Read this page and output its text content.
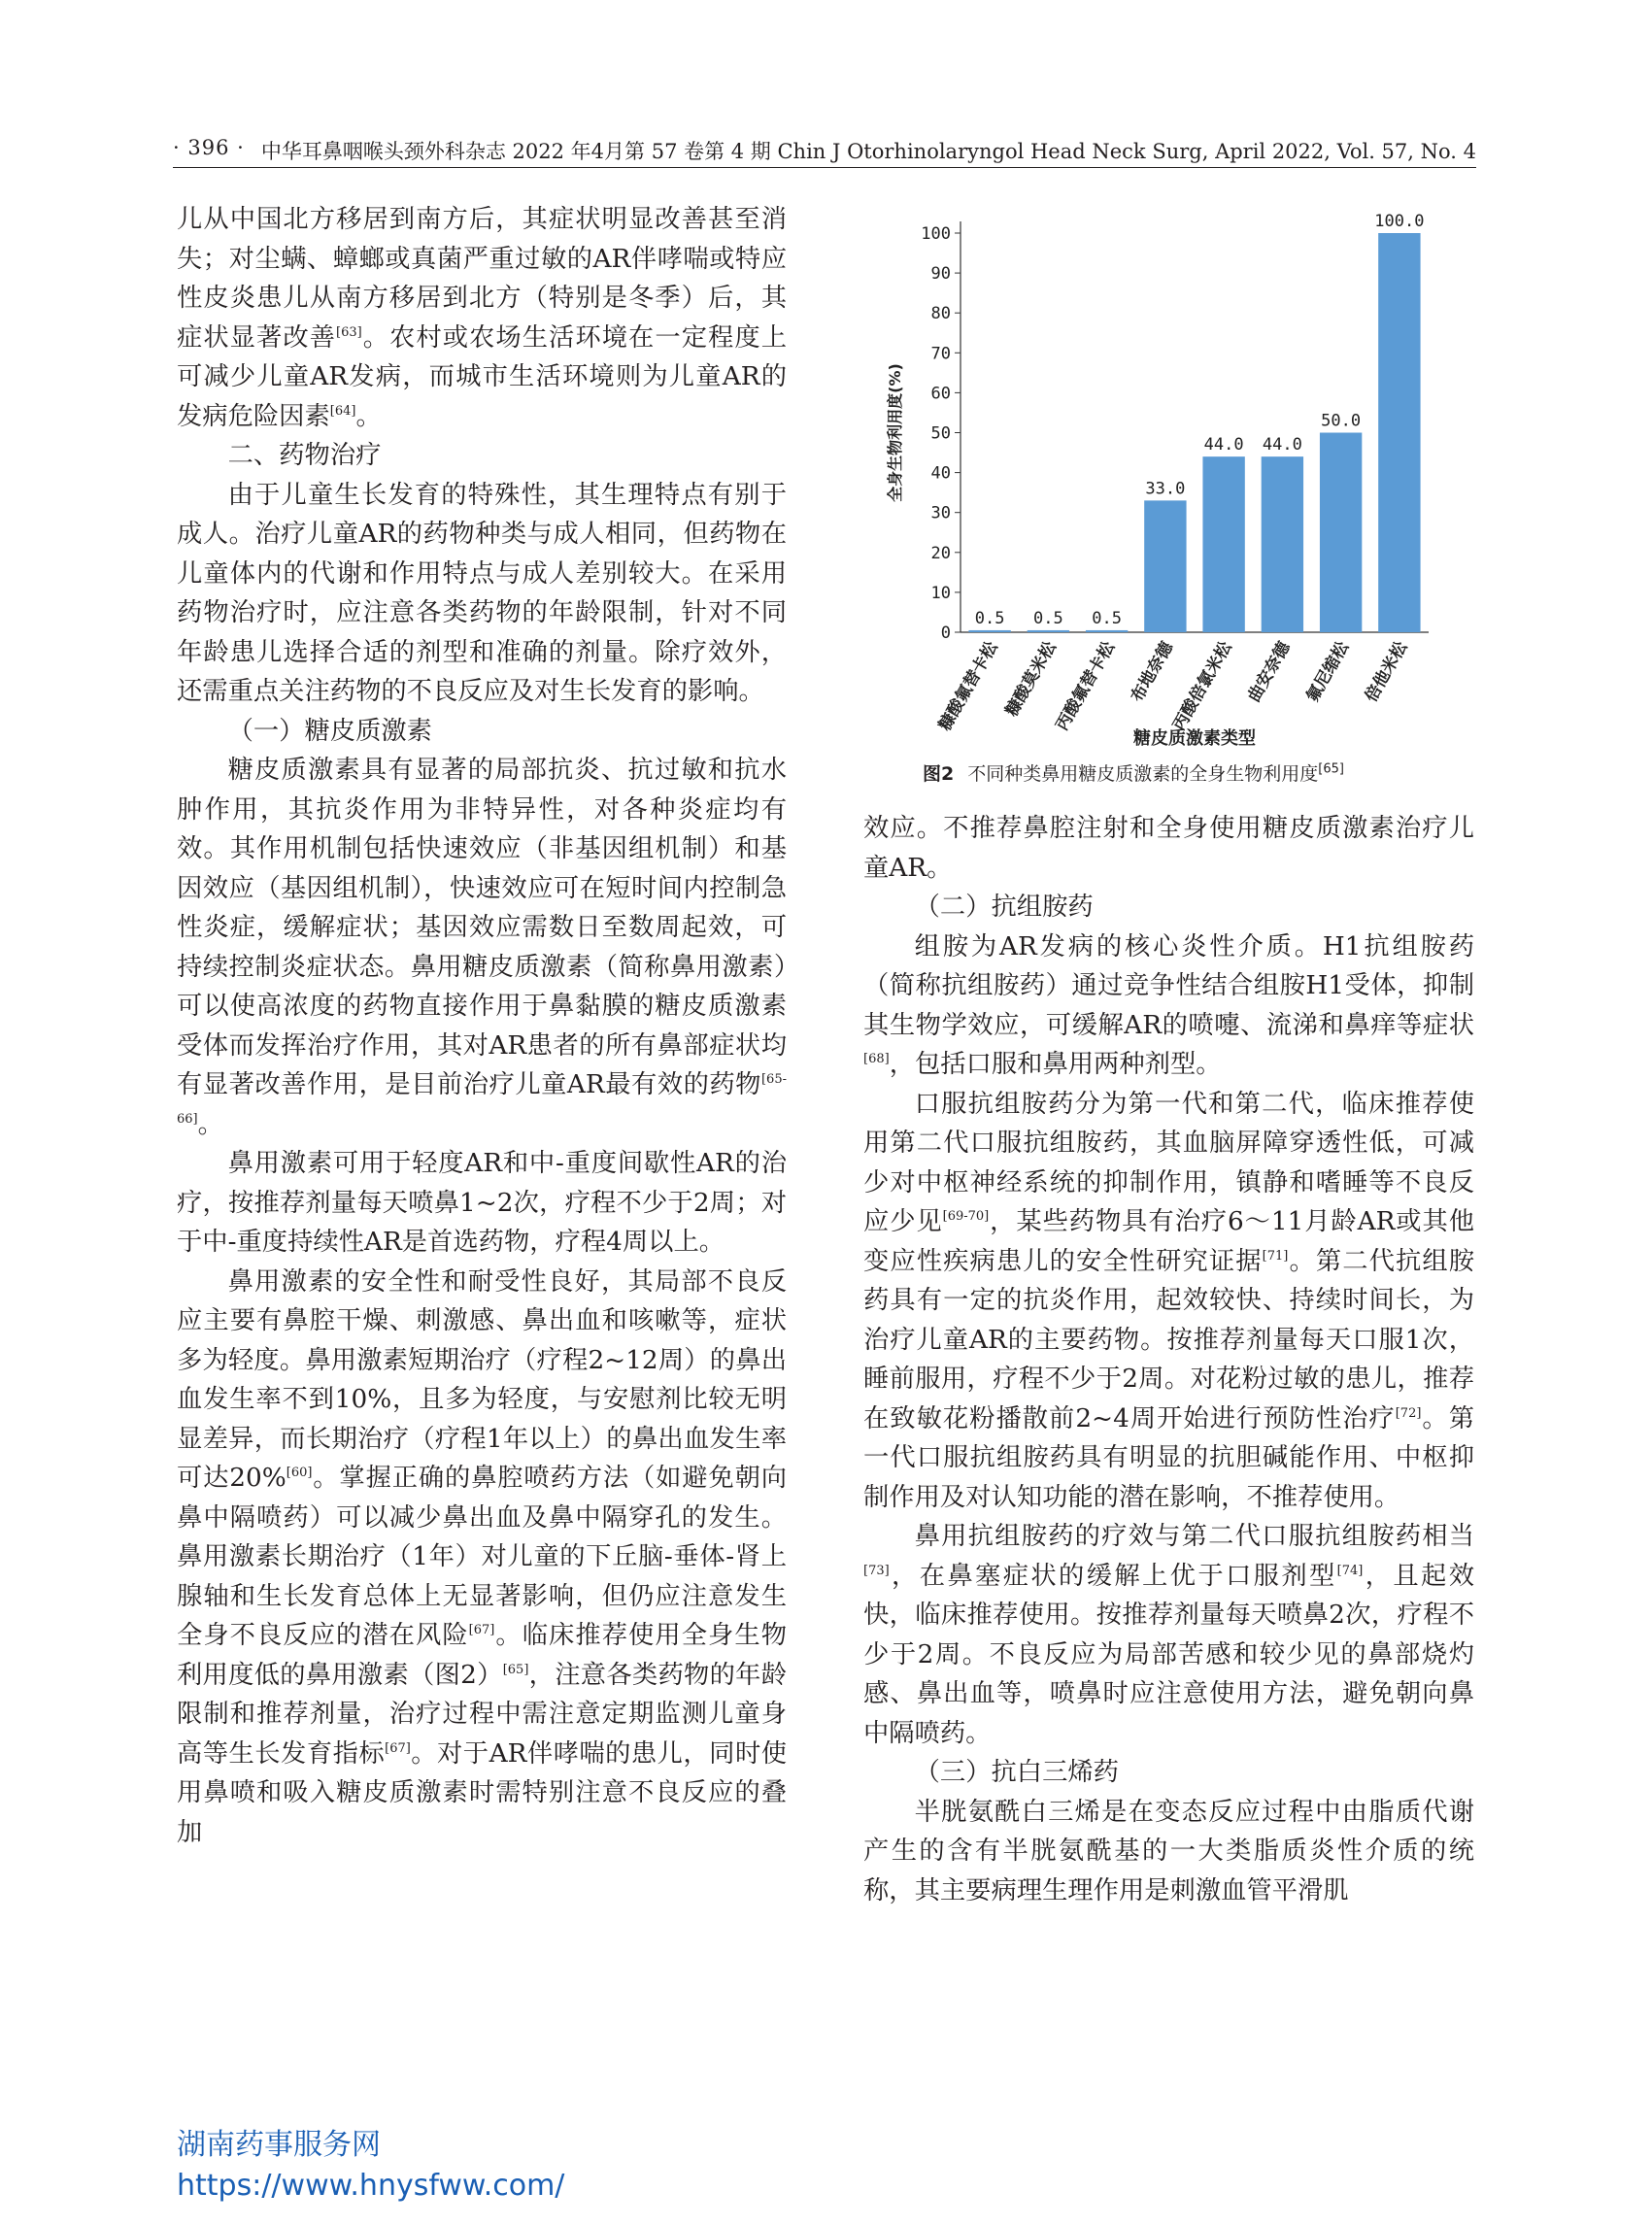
· 396 · 中华耳鼻咽喉头颈外科杂志 2022 年4月第 57 卷第 4 期 Chin J Otorhinolaryngol Head Neck Surg, April 2022, Vol. 57, No. 4

儿从中国北方移居到南方后，其症状明显改善甚至消失；对尘螨、蟑螂或真菌严重过敏的AR伴哮喘或特应性皮炎患儿从南方移居到北方（特别是冬季）后，其症状显著改善[63]。农村或农场生活环境在一定程度上可减少儿童AR发病，而城市生活环境则为儿童AR的发病危险因素[64]。

二、药物治疗

由于儿童生长发育的特殊性，其生理特点有别于成人。治疗儿童AR的药物种类与成人相同，但药物在儿童体内的代谢和作用特点与成人差别较大。在采用药物治疗时，应注意各类药物的年龄限制，针对不同年龄患儿选择合适的剂型和准确的剂量。除疗效外，还需重点关注药物的不良反应及对生长发育的影响。

（一）糖皮质激素

糖皮质激素具有显著的局部抗炎、抗过敏和抗水肿作用，其抗炎作用为非特异性，对各种炎症均有效。其作用机制包括快速效应（非基因组机制）和基因效应（基因组机制），快速效应可在短时间内控制急性炎症，缓解症状；基因效应需数日至数周起效，可持续控制炎症状态。鼻用糖皮质激素（简称鼻用激素）可以使高浓度的药物直接作用于鼻黏膜的糖皮质激素受体而发挥治疗作用，其对AR患者的所有鼻部症状均有显著改善作用，是目前治疗儿童AR最有效的药物[65-66]。

鼻用激素可用于轻度AR和中-重度间歇性AR的治疗，按推荐剂量每天喷鼻1~2次，疗程不少于2周；对于中-重度持续性AR是首选药物，疗程4周以上。

鼻用激素的安全性和耐受性良好，其局部不良反应主要有鼻腔干燥、刺激感、鼻出血和咳嗽等，症状多为轻度。鼻用激素短期治疗（疗程2~12周）的鼻出血发生率不到10%，且多为轻度，与安慰剂比较无明显差异，而长期治疗（疗程1年以上）的鼻出血发生率可达20%[60]。掌握正确的鼻腔喷药方法（如避免朝向鼻中隔喷药）可以减少鼻出血及鼻中隔穿孔的发生。鼻用激素长期治疗（1年）对儿童的下丘脑-垂体-肾上腺轴和生长发育总体上无显著影响，但仍应注意发生全身不良反应的潜在风险[67]。临床推荐使用全身生物利用度低的鼻用激素（图2）[65]，注意各类药物的年龄限制和推荐剂量，治疗过程中需注意定期监测儿童身高等生长发育指标[67]。对于AR伴哮喘的患儿，同时使用鼻喷和吸入糖皮质激素时需特别注意不良反应的叠加

0
10
20
30
40
50
60
70
80
90
100
0.5
糠酸氟替卡松
0.5
糠酸莫米松
0.5
丙酸氟替卡松
33.0
布地奈德
44.0
丙酸倍氯米松
44.0
曲安奈德
50.0
氟尼缩松
100.0
倍他米松
糖皮质激素类型
全身生物利用度(%)
图2 不同种类鼻用糖皮质激素的全身生物利用度[65]

效应。不推荐鼻腔注射和全身使用糖皮质激素治疗儿童AR。

（二）抗组胺药

组胺为AR发病的核心炎性介质。H1抗组胺药（简称抗组胺药）通过竞争性结合组胺H1受体，抑制其生物学效应，可缓解AR的喷嚏、流涕和鼻痒等症状[68]，包括口服和鼻用两种剂型。

口服抗组胺药分为第一代和第二代，临床推荐使用第二代口服抗组胺药，其血脑屏障穿透性低，可减少对中枢神经系统的抑制作用，镇静和嗜睡等不良反应少见[69-70]，某些药物具有治疗6～11月龄AR或其他变应性疾病患儿的安全性研究证据[71]。第二代抗组胺药具有一定的抗炎作用，起效较快、持续时间长，为治疗儿童AR的主要药物。按推荐剂量每天口服1次，睡前服用，疗程不少于2周。对花粉过敏的患儿，推荐在致敏花粉播散前2~4周开始进行预防性治疗[72]。第一代口服抗组胺药具有明显的抗胆碱能作用、中枢抑制作用及对认知功能的潜在影响，不推荐使用。

鼻用抗组胺药的疗效与第二代口服抗组胺药相当[73]，在鼻塞症状的缓解上优于口服剂型[74]，且起效快，临床推荐使用。按推荐剂量每天喷鼻2次，疗程不少于2周。不良反应为局部苦感和较少见的鼻部烧灼感、鼻出血等，喷鼻时应注意使用方法，避免朝向鼻中隔喷药。

（三）抗白三烯药

半胱氨酰白三烯是在变态反应过程中由脂质代谢产生的含有半胱氨酰基的一大类脂质炎性介质的统称，其主要病理生理作用是刺激血管平滑肌

湖南药事服务网
https://www.hnysfww.com/
